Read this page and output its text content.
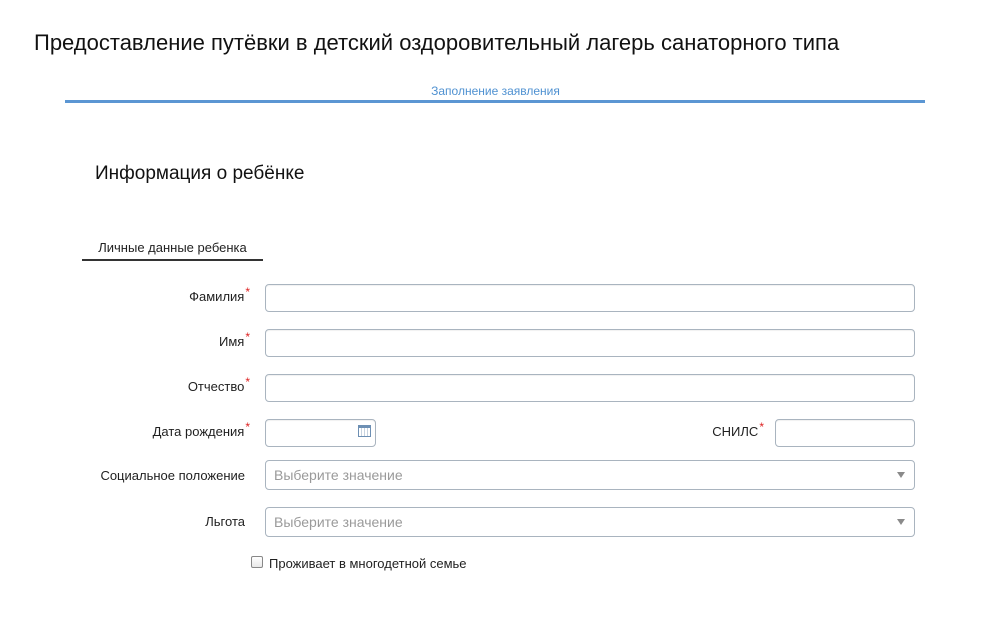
Предоставление путёвки в детский оздоровительный лагерь санаторного типа
Заполнение заявления
Информация о ребёнке
Личные данные ребенка
Фамилия*
Имя*
Отчество*
Дата рождения*	СНИЛС*
Социальное положение Выберите значение
Льгота Выберите значение
Проживает в многодетной семье
